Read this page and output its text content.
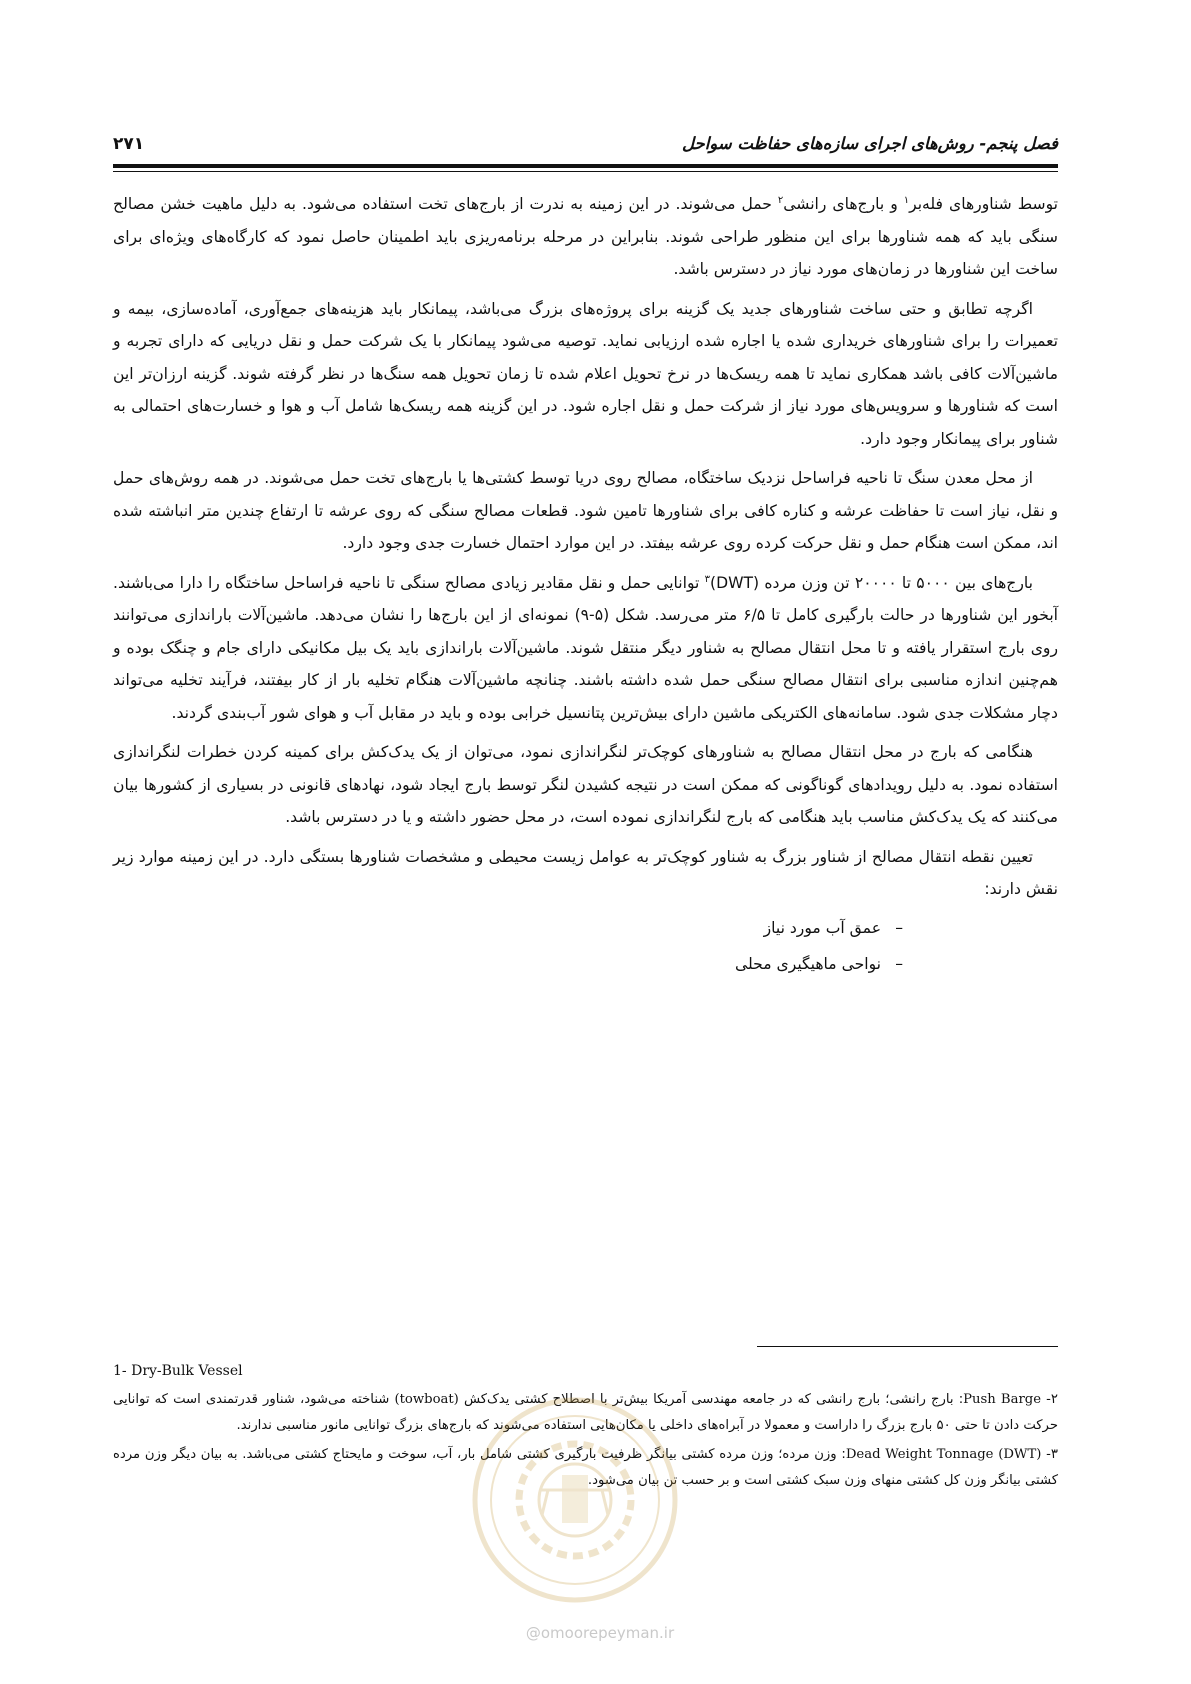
فصل پنجم- روش‌های اجرای سازه‌های حفاظت سواحل
۲۷۱

توسط شناورهای فله‌بر$^۱$ و بارج‌های رانشی$^۲$ حمل می‌شوند. در این زمینه به ندرت از بارج‌های تخت استفاده می‌شود. به دلیل ماهیت خشن مصالح سنگی باید که همه شناورها برای این منظور طراحی شوند. بنابراین در مرحله برنامه‌ریزی باید اطمینان حاصل نمود که کارگاه‌های ویژه‌ای برای ساخت این شناورها در زمان‌های مورد نیاز در دسترس باشد.

اگرچه تطابق و حتی ساخت شناورهای جدید یک گزینه برای پروژه‌های بزرگ می‌باشد، پیمانکار باید هزینه‌های جمع‌آوری، آماده‌سازی، بیمه و تعمیرات را برای شناورهای خریداری شده یا اجاره شده ارزیابی نماید. توصیه می‌شود پیمانکار با یک شرکت حمل و نقل دریایی که دارای تجربه و ماشین‌آلات کافی باشد همکاری نماید تا همه ریسک‌ها در نرخ تحویل اعلام شده تا زمان تحویل همه سنگ‌ها در نظر گرفته شوند. گزینه ارزان‌تر این است که شناورها و سرویس‌های مورد نیاز از شرکت حمل و نقل اجاره شود. در این گزینه همه ریسک‌ها شامل آب و هوا و خسارت‌های احتمالی به شناور برای پیمانکار وجود دارد.

از محل معدن سنگ تا ناحیه فراساحل نزدیک ساختگاه، مصالح روی دریا توسط کشتی‌ها یا بارج‌های تخت حمل می‌شوند. در همه روش‌های حمل و نقل، نیاز است تا حفاظت عرشه و کناره کافی برای شناورها تامین شود. قطعات مصالح سنگی که روی عرشه تا ارتفاع چندین متر انباشته شده اند، ممکن است هنگام حمل و نقل حرکت کرده روی عرشه بیفتد. در این موارد احتمال خسارت جدی وجود دارد.

بارج‌های بین ۵۰۰۰ تا ۲۰۰۰۰ تن وزن مرده (DWT)$^۳$ توانایی حمل و نقل مقادیر زیادی مصالح سنگی تا ناحیه فراساحل ساختگاه را دارا می‌باشند. آبخور این شناورها در حالت بارگیری کامل تا ۶/۵ متر می‌رسد. شکل (۵-۹) نمونه‌ای از این بارج‌ها را نشان می‌دهد. ماشین‌آلات باراندازی می‌توانند روی بارج استقرار یافته و تا محل انتقال مصالح به شناور دیگر منتقل شوند. ماشین‌آلات باراندازی باید یک بیل مکانیکی دارای جام و چنگک بوده و هم‌چنین اندازه مناسبی برای انتقال مصالح سنگی حمل شده داشته باشند. چنانچه ماشین‌آلات هنگام تخلیه بار از کار بیفتند، فرآیند تخلیه می‌تواند دچار مشکلات جدی شود. سامانه‌های الکتریکی ماشین دارای بیش‌ترین پتانسیل خرابی بوده و باید در مقابل آب و هوای شور آب‌بندی گردند.

هنگامی که بارج در محل انتقال مصالح به شناورهای کوچک‌تر لنگراندازی نمود، می‌توان از یک یدک‌کش برای کمینه کردن خطرات لنگراندازی استفاده نمود. به دلیل رویدادهای گوناگونی که ممکن است در نتیجه کشیدن لنگر توسط بارج ایجاد شود، نهادهای قانونی در بسیاری از کشورها بیان می‌کنند که یک یدک‌کش مناسب باید هنگامی که بارج لنگراندازی نموده است، در محل حضور داشته و یا در دسترس باشد.

تعیین نقطه انتقال مصالح از شناور بزرگ به شناور کوچک‌تر به عوامل زیست محیطی و مشخصات شناورها بستگی دارد. در این زمینه موارد زیر نقش دارند:

–عمق آب مورد نیاز
–نواحی ماهیگیری محلی
1- Dry-Bulk Vessel
۲- Push Barge: بارج رانشی؛ بارج رانشی که در جامعه مهندسی آمریکا بیش‌تر با اصطلاح کشتی یدک‌کش (towboat) شناخته می‌شود، شناور قدرتمندی است که توانایی حرکت دادن تا حتی ۵۰ بارج بزرگ را داراست و معمولا در آبراه‌های داخلی یا مکان‌هایی استفاده می‌شوند که بارج‌های بزرگ توانایی مانور مناسبی ندارند.
۳- Dead Weight Tonnage (DWT): وزن مرده؛ وزن مرده کشتی بیانگر ظرفیت بارگیری کشتی شامل بار، آب، سوخت و مایحتاج کشتی می‌باشد. به بیان دیگر وزن مرده کشتی بیانگر وزن کل کشتی منهای وزن سبک کشتی است و بر حسب تن بیان می‌شود.
@omoorepeyman.ir
